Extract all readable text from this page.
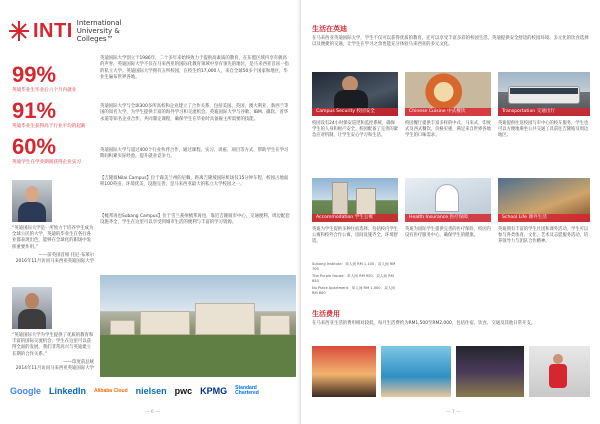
INTI International University & Colleges™
99%
英迪毕业生毕业后六个月内就业
91%
英迪毕业生获得高于行业平均的起薪
60%
英迪学生在学业期间获得企业实习
“英迪国际大学是一所致力于培养学生成为全球公民的大学，英迪的毕业生在各行各业都表现出色，能够在全球化的职场中发挥重要作用。”
——前英国首相 托尼·布莱尔
2016年11月访问马来西亚英迪国际大学
“英迪国际大学为学生提供了优质的教育和丰富的国际交流机会，学生在这里可以获得全面的发展，我们非常高兴与英迪建立长期的合作关系。”
——印度前总统
2014年11月访问马来西亚英迪国际大学
英迪国际大学创立于1986年，二十多年来始终致力于提供高素质的教育，在东盟区域内享有极高的声誉，英迪国际大学不仅在马来西亚的国际化教育领域中享有领先的地位，是马来西亚首屈一指的私立大学。英迪国际大学拥有五所校园，在校生约17,000人，来自全球50多个国家和地区，毕业生遍布世界各地。
英迪国际大学与全球300多所高校和企业建立了合作关系，包括美国、英国、澳大利亚、新西兰等国的知名大学，为学生提供丰富的海外学习和交流机会。英迪国际大学与谷歌、IBM、微软、普华永道等知名企业合作，共同制定课程，确保学生在毕业时具备雇主所需要的技能。
英迪国际大学与超过400个行业伙伴合作，通过课程、实习、讲座、项目等方式，帮助学生在学习期间积累实际经验，提升就业竞争力。
【吉隆坡Nilai Campus】位于森美兰州的尼赖，距离吉隆坡国际机场仅15分钟车程，校园占地面积100英亩，环境优美，设施完善，是马来西亚最大的私立大学校园之一。
【梳邦再也Subang Campus】位于雪兰莪州梳邦再也，靠近吉隆坡市中心，交通便利，周边配套设施齐全，学生在这里可以享受到城市生活的便利与丰富的学习资源。
Google LinkedIn Alibaba Cloud nielsen pwc KPMG Standard Chartered
— 6 —
生活在英迪
在马来西亚英迪国际大学，学生不仅可以获得优质的教育，还可以享受丰富多彩的校园生活。英迪提供安全舒适的校园环境、多元化的饮食选择以及便捷的交通，让学生在学习之余也能充分体验马来西亚的多元文化。
Campus Security 校园安全	Chinese Cuisine 中式餐饮	Transportation 交通出行
校园设有24小时保安巡逻和监控系统，确保学生的人身和财产安全。校园配备了完善的紧急应对机制，让学生安心学习和生活。
校园餐厅提供丰富多样的中式、马来式、印度式及西式餐饮，价格实惠，满足来自世界各地学生的口味需求。
英迪提供往返校园与市中心的校车服务，学生也可以方便地乘坐公共交通工具前往吉隆坡及周边地区。
Accommodation 学生公寓	Health Insurance 医疗保障	School Life 课外生活
英迪为学生提供多种住宿选择，包括校内学生公寓和校外合作公寓，房间设施齐全，环境舒适。
英迪为国际学生提供完善的医疗保险，校园内设有医疗服务中心，确保学生的健康。
英迪拥有丰富的学生社团和课外活动，学生可以参与各类体育、文化、艺术及志愿服务活动，培养领导力与团队合作精神。
Subang Institute：单人间 RM 1,100；双人间 RM 700
The Purple House：单人间 RM 950；双人间 RM 650
Nu Place Apartment：单人间 RM 1,000；双人间 RM 600
生活费用
在马来西亚生活的费用相对较低，每月生活费约为RM1,500至RM2,000，包括住宿、饮食、交通及其他日常开支。
— 7 —
